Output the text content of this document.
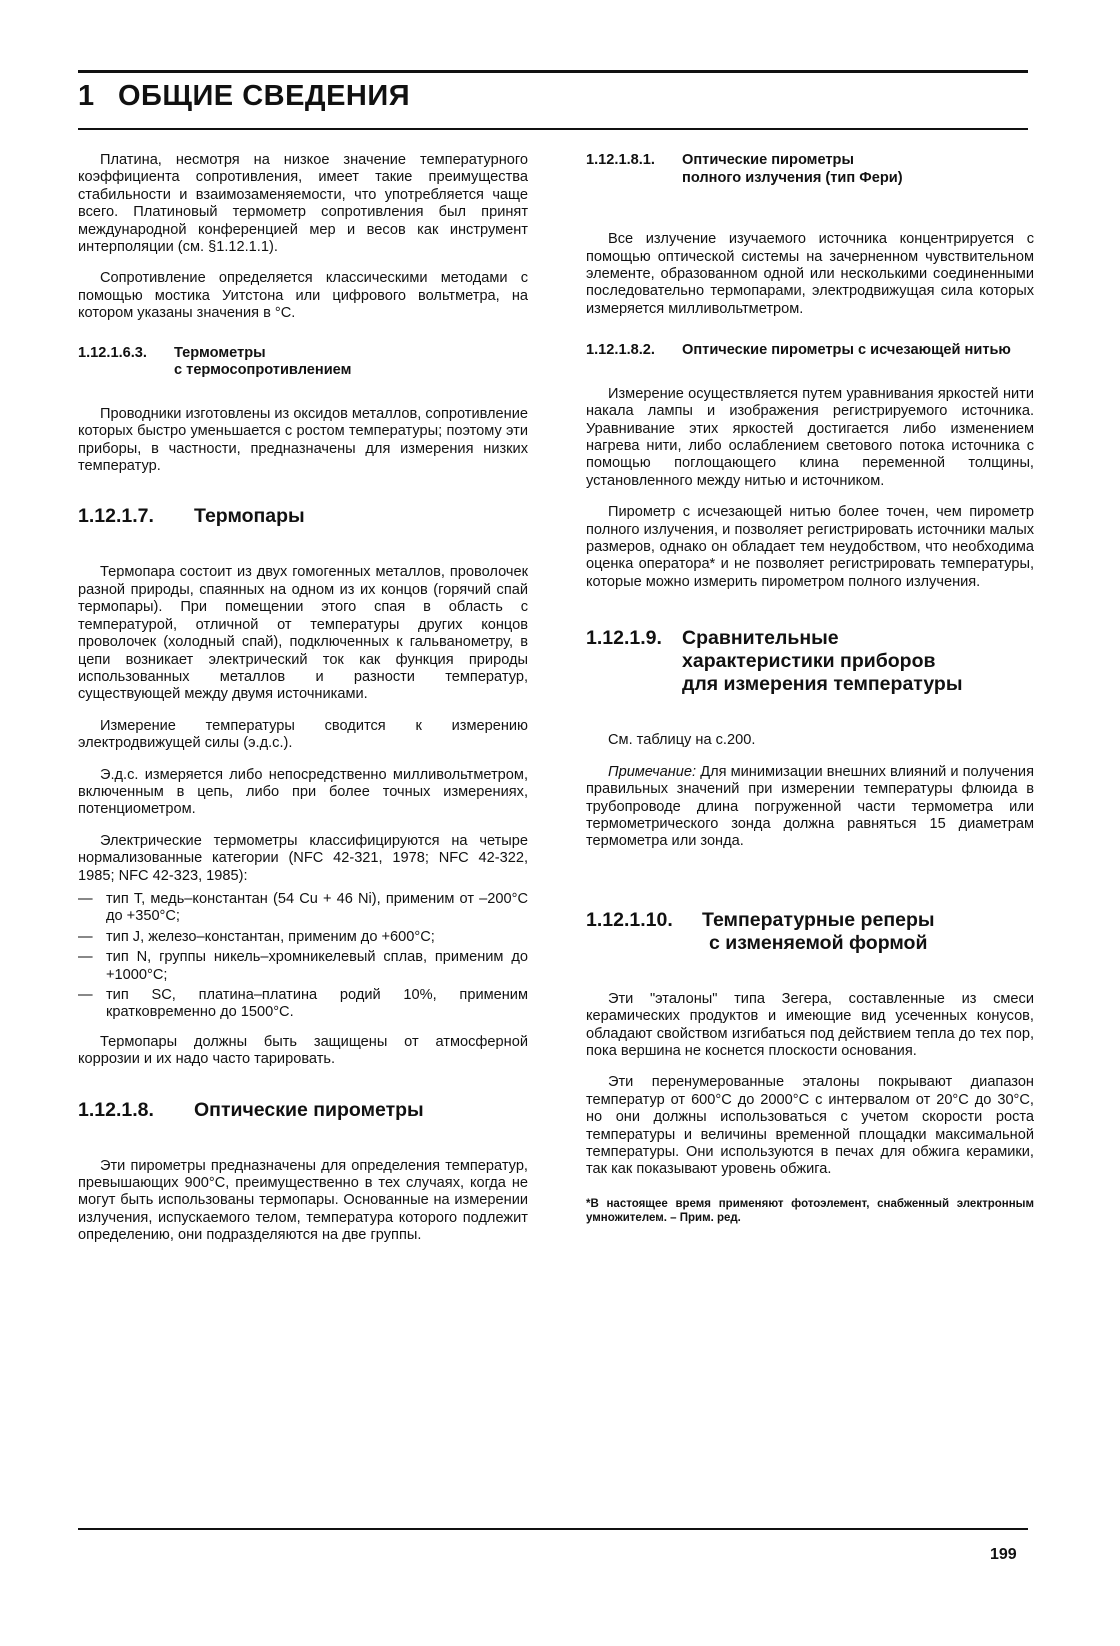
1 ОБЩИЕ СВЕДЕНИЯ

Платина, несмотря на низкое значение температурного коэффициента сопротивления, имеет такие преимущества стабильности и взаимозаменяемости, что употребляется чаще всего. Платиновый термометр сопротивления был принят международной конференцией мер и весов как инструмент интерполяции (см. §1.12.1.1).

Сопротивление определяется классическими методами с помощью мостика Уитстона или цифрового вольтметра, на котором указаны значения в °С.

1.12.1.6.3. Термометры
с термосопротивлением

Проводники изготовлены из оксидов металлов, сопротивление которых быстро уменьшается с ростом температуры; поэтому эти приборы, в частности, предназначены для измерения низких температур.

1.12.1.7. Термопары

Термопара состоит из двух гомогенных металлов, проволочек разной природы, спаянных на одном из их концов (горячий спай термопары). При помещении этого спая в область с температурой, отличной от температуры других концов проволочек (холодный спай), подключенных к гальванометру, в цепи возникает электрический ток как функция природы использованных металлов и разности температур, существующей между двумя источниками.

Измерение температуры сводится к измерению электродвижущей силы (э.д.с.).

Э.д.с. измеряется либо непосредственно милливольтметром, включенным в цепь, либо при более точных измерениях, потенциометром.

Электрические термометры классифицируются на четыре нормализованные категории (NFC 42-321, 1978; NFC 42-322, 1985; NFC 42-323, 1985):

— тип T, медь–константан (54 Cu + 46 Ni), применим от –200°С до +350°С;
— тип J, железо–константан, применим до +600°С;
— тип N, группы никель–хромникелевый сплав, применим до +1000°С;
— тип SC, платина–платина родий 10%, применим кратковременно до 1500°С.

Термопары должны быть защищены от атмосферной коррозии и их надо часто тарировать.

1.12.1.8. Оптические пирометры

Эти пирометры предназначены для определения температур, превышающих 900°С, преимущественно в тех случаях, когда не могут быть использованы термопары. Основанные на измерении излучения, испускаемого телом, температура которого подлежит определению, они подразделяются на две группы.

1.12.1.8.1. Оптические пирометры
полного излучения (тип Фери)

Все излучение изучаемого источника концентрируется с помощью оптической системы на зачерненном чувствительном элементе, образованном одной или несколькими соединенными последовательно термопарами, электродвижущая сила которых измеряется милливольтметром.

1.12.1.8.2. Оптические пирометры с исчезающей нитью

Измерение осуществляется путем уравнивания яркостей нити накала лампы и изображения регистрируемого источника. Уравнивание этих яркостей достигается либо изменением нагрева нити, либо ослаблением светового потока источника с помощью поглощающего клина переменной толщины, установленного между нитью и источником.

Пирометр с исчезающей нитью более точен, чем пирометр полного излучения, и позволяет регистрировать источники малых размеров, однако он обладает тем неудобством, что необходима оценка оператора* и не позволяет регистрировать температуры, которые можно измерить пирометром полного излучения.

1.12.1.9. Сравнительные
характеристики приборов
для измерения температуры

См. таблицу на с.200.

Примечание: Для минимизации внешних влияний и получения правильных значений при измерении температуры флюида в трубопроводе длина погруженной части термометра или термометрического зонда должна равняться 15 диаметрам термометра или зонда.

1.12.1.10. Температурные реперы
с изменяемой формой

Эти "эталоны" типа Зегера, составленные из смеси керамических продуктов и имеющие вид усеченных конусов, обладают свойством изгибаться под действием тепла до тех пор, пока вершина не коснется плоскости основания.

Эти перенумерованные эталоны покрывают диапазон температур от 600°С до 2000°С с интервалом от 20°С до 30°С, но они должны использоваться с учетом скорости роста температуры и величины временной площадки максимальной температуры. Они используются в печах для обжига керамики, так как показывают уровень обжига.

*В настоящее время применяют фотоэлемент, снабженный электронным умножителем. – Прим. ред.

199
